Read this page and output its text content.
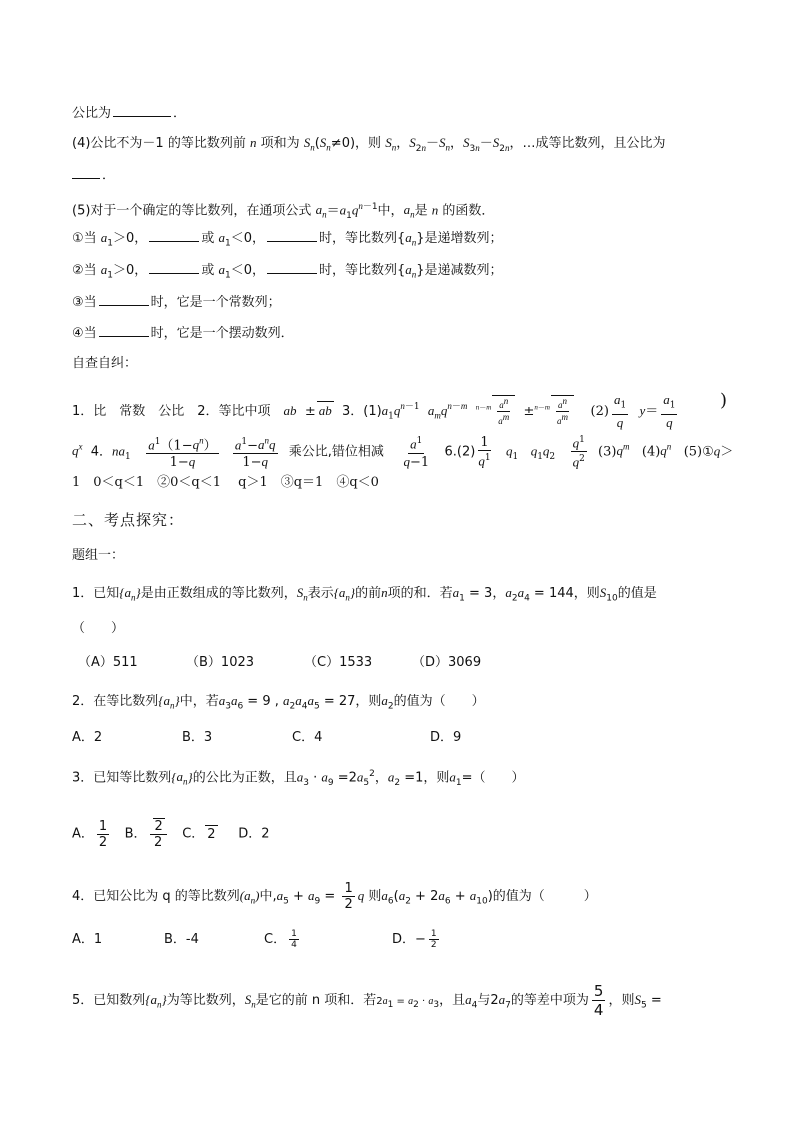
公比为	．
(4)公比不为－1 的等比数列前 n 项和为 $S_n(S_n\ne 0)$，则 $S_n$，$S_{2n}-S_n$，$S_{3n}-S_{2n}$，…成等比数列，且公比为
．
(5)对于一个确定的等比数列，在通项公式 $a_n=a_1q^{n-1}$中，$a_n$是 n 的函数．
①当 $a_1>0$，	或 $a_1<0$，	时，等比数列$\{a_n\}$是递增数列；
②当 $a_1>0$，	或 $a_1<0$，	时，等比数列$\{a_n\}$是递减数列；
③当	时，它是一个常数列；
④当	时，它是一个摆动数列．
自查自纠：
1．比　常数　公比　2．等比中项　ab ± ab 3．$(1)a_1q^{n-1}$ $a_mq^{n-m}$ $^{n-m} \frac{a^n}{a^m} \pm^{n-m} \frac{a^n}{a^m} (2) \frac{a_1}{q} y= \frac{a_1}{q}$ )
$q^x$ 4．$na_1 \frac{a^1(1-q^n)}{1-q}$
$\frac{a^1-a^nq}{1-q}$ 乘公比,错位相减 $\frac{a^1}{q-1} 6.(2) \frac{1}{q^1} q_1$ $q_1q_2 \frac{q^1}{q^2} (3)q^m$   $(4)q^n$   (5)①q＞
1　0＜q＜1　②0＜q＜1　 q＞1　③q＝1　④q＜0
二、考点探究：
题组一：
1．已知$\{a_n\}$是由正数组成的等比数列，$S_n$表示$\{a_n\}$的前n项的和．若$a_1 = 3$，$a_2a_4 = 144$，则$S_{10}$的值是
（　　）
（A）511	（B）1023	（C）1533	（D）3069
2．在等比数列$\{a_n\}$中，若$a_3a_6 = 9$ , $a_2a_4a_5 = 27$，则$a_2$的值为（　　）
A．2	B．3	C．4	D．9
3．已知等比数列$\{a_n\}$的公比为正数，且$a_3 \cdot a_9 =2a_5^2$，$a_2 =1$，则$a_1=$（　　）
A． $\frac{1}{2}$ B． $\frac{2}{2}$ C． 2 D．2
4．已知公比为 q 的等比数列$(a_n)$中$,a_5 + a_9 = \frac{1}{2}$ q 则$a_6(a_2 + 2a_6 + a_{10})$的值为（　　　）
A．1	B．-4	C． $\frac{1}{4}$	D．− $\frac{1}{2}$
5．已知数列$\{a_n\}$为等比数列，$S_n$是它的前 n 项和．若$2a_1 = a_2 \cdot a_3$，且$a_4$与$2a_7$的等差中项为 $\frac{5}{4}$ ，则$S_5$ =
